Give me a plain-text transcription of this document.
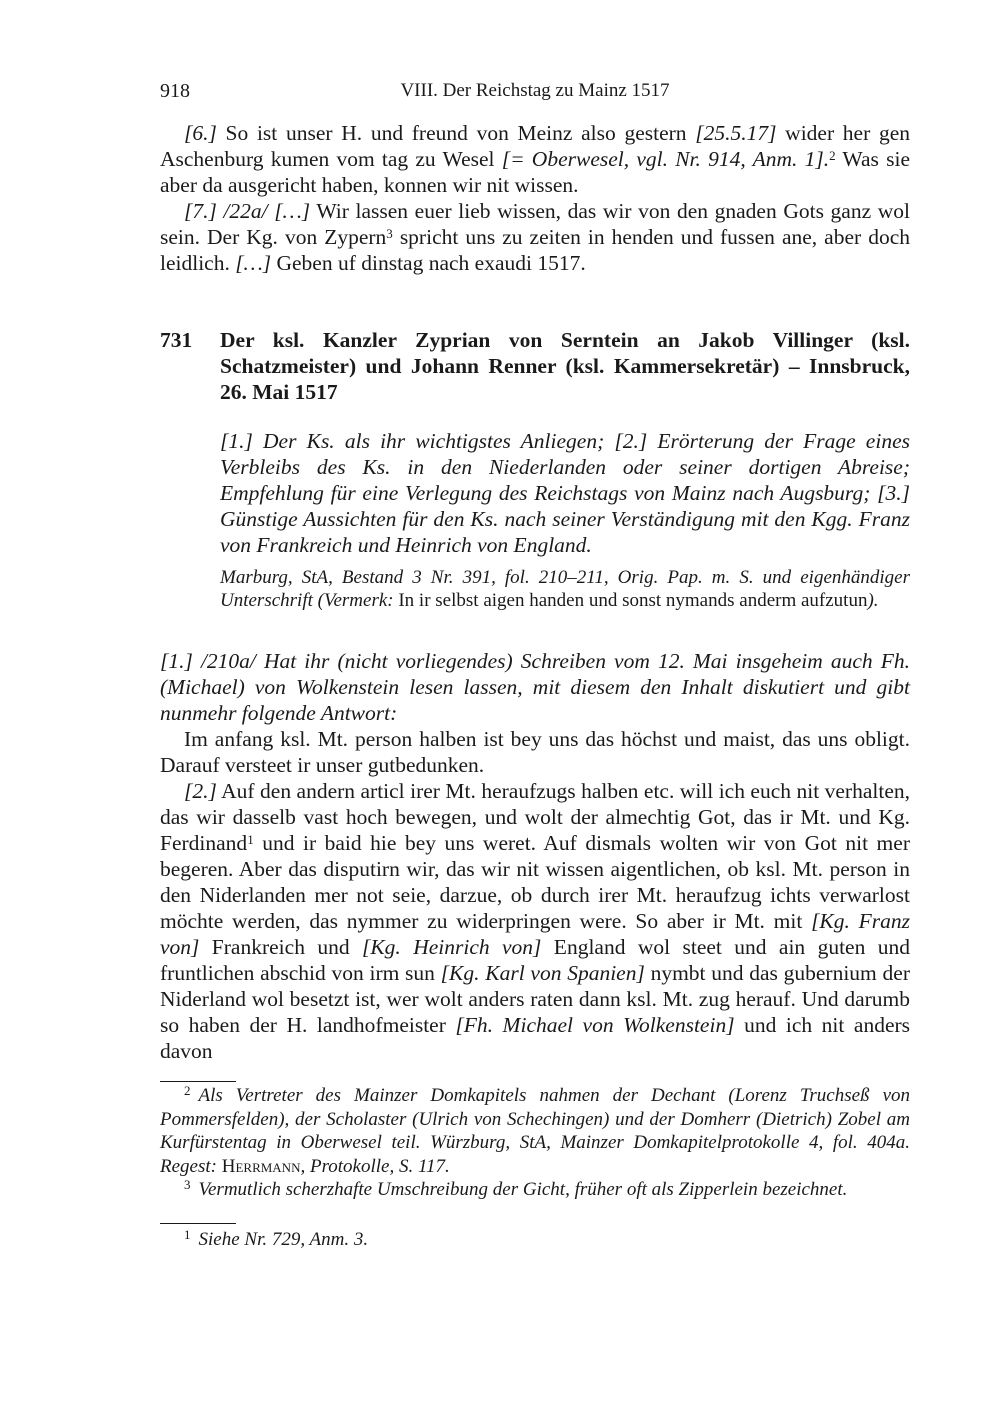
918	VIII. Der Reichstag zu Mainz 1517

[6.] So ist unser H. und freund von Meinz also gestern [25.5.17] wider her gen Aschenburg kumen vom tag zu Wesel [= Oberwesel, vgl. Nr. 914, Anm. 1].$^2$ Was sie aber da ausgericht haben, konnen wir nit wissen.

[7.] /22a/ […] Wir lassen euer lieb wissen, das wir von den gnaden Gots ganz wol sein. Der Kg. von Zypern$^3$ spricht uns zu zeiten in henden und fussen ane, aber doch leidlich. […] Geben uf dinstag nach exaudi 1517.

731 Der ksl. Kanzler Zyprian von Serntein an Jakob Villinger (ksl. Schatzmeister) und Johann Renner (ksl. Kammersekretär) – Innsbruck, 26. Mai 1517
[1.] Der Ks. als ihr wichtigstes Anliegen; [2.] Erörterung der Frage eines Verbleibs des Ks. in den Niederlanden oder seiner dortigen Abreise; Empfehlung für eine Verlegung des Reichstags von Mainz nach Augsburg; [3.] Günstige Aussichten für den Ks. nach seiner Verständigung mit den Kgg. Franz von Frankreich und Heinrich von England.
Marburg, StA, Bestand 3 Nr. 391, fol. 210–211, Orig. Pap. m. S. und eigenhändiger Unterschrift (Vermerk: In ir selbst aigen handen und sonst nymands anderm aufzutun).

[1.] /210a/ Hat ihr (nicht vorliegendes) Schreiben vom 12. Mai insgeheim auch Fh. (Michael) von Wolkenstein lesen lassen, mit diesem den Inhalt diskutiert und gibt nunmehr folgende Antwort:

Im anfang ksl. Mt. person halben ist bey uns das höchst und maist, das uns obligt. Darauf versteet ir unser gutbedunken.

[2.] Auf den andern articl irer Mt. heraufzugs halben etc. will ich euch nit verhalten, das wir dasselb vast hoch bewegen, und wolt der almechtig Got, das ir Mt. und Kg. Ferdinand$^1$ und ir baid hie bey uns weret. Auf dismals wolten wir von Got nit mer begeren. Aber das disputirn wir, das wir nit wissen aigentlichen, ob ksl. Mt. person in den Niderlanden mer not seie, darzue, ob durch irer Mt. heraufzug ichts verwarlost möchte werden, das nymmer zu widerpringen were. So aber ir Mt. mit [Kg. Franz von] Frankreich und [Kg. Heinrich von] England wol steet und ain guten und fruntlichen abschid von irm sun [Kg. Karl von Spanien] nymbt und das gubernium der Niderland wol besetzt ist, wer wolt anders raten dann ksl. Mt. zug herauf. Und darumb so haben der H. landhofmeister [Fh. Michael von Wolkenstein] und ich nit anders davon

$^2$ Als Vertreter des Mainzer Domkapitels nahmen der Dechant (Lorenz Truchseß von Pommersfelden), der Scholaster (Ulrich von Schechingen) und der Domherr (Dietrich) Zobel am Kurfürstentag in Oberwesel teil. Würzburg, StA, Mainzer Domkapitelprotokolle 4, fol. 404a. Regest: Herrmann, Protokolle, S. 117.

$^3$ Vermutlich scherzhafte Umschreibung der Gicht, früher oft als Zipperlein bezeichnet.

$^1$ Siehe Nr. 729, Anm. 3.
